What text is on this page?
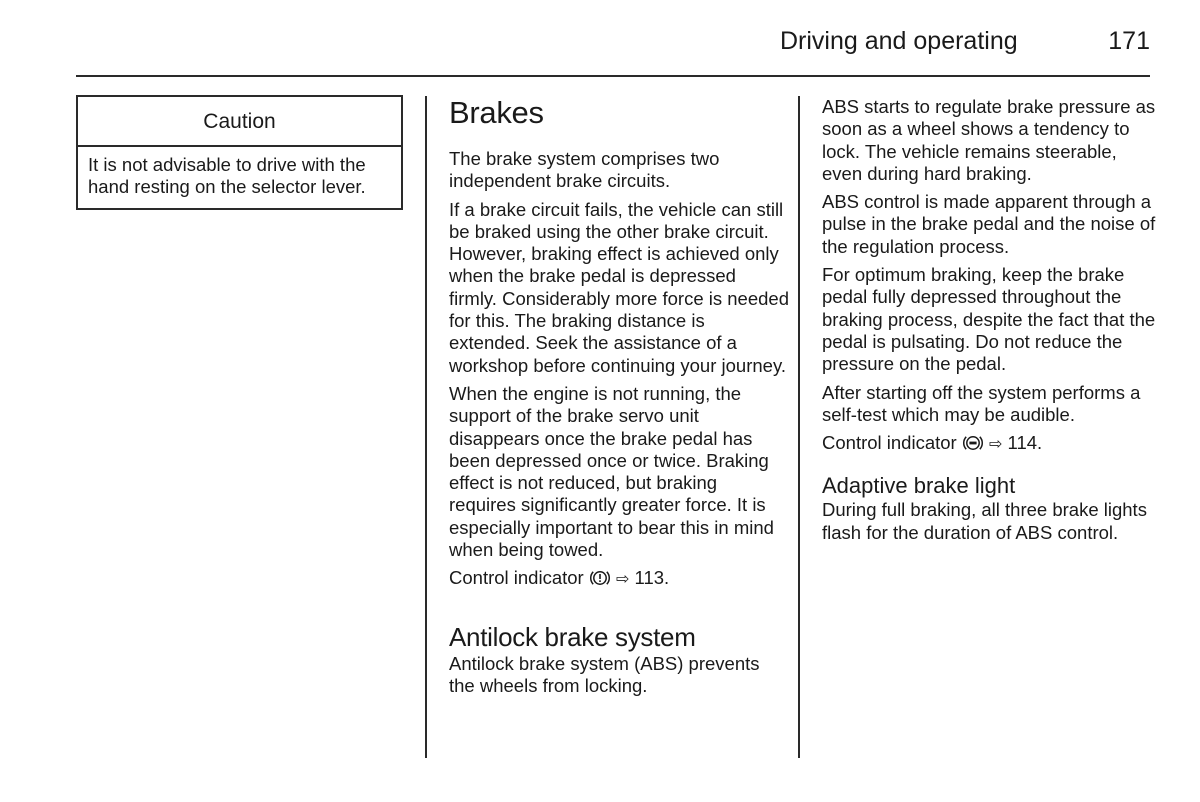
Driving and operating	171
Caution
It is not advisable to drive with the hand resting on the selector lever.
Brakes

The brake system comprises two independent brake circuits.

If a brake circuit fails, the vehicle can still be braked using the other brake circuit. However, braking effect is achieved only when the brake pedal is depressed firmly. Considerably more force is needed for this. The braking distance is extended. Seek the assistance of a workshop before continuing your journey.

When the engine is not running, the support of the brake servo unit disappears once the brake pedal has been depressed once or twice. Braking effect is not reduced, but braking requires significantly greater force. It is especially important to bear this in mind when being towed.

Control indicator ⇨ 113.

Antilock brake system

Antilock brake system (ABS) prevents the wheels from locking.

ABS starts to regulate brake pressure as soon as a wheel shows a tendency to lock. The vehicle remains steerable, even during hard braking.

ABS control is made apparent through a pulse in the brake pedal and the noise of the regulation process.

For optimum braking, keep the brake pedal fully depressed throughout the braking process, despite the fact that the pedal is pulsating. Do not reduce the pressure on the pedal.

After starting off the system performs a self-test which may be audible.

Control indicator ⇨ 114.

Adaptive brake light

During full braking, all three brake lights flash for the duration of ABS control.
